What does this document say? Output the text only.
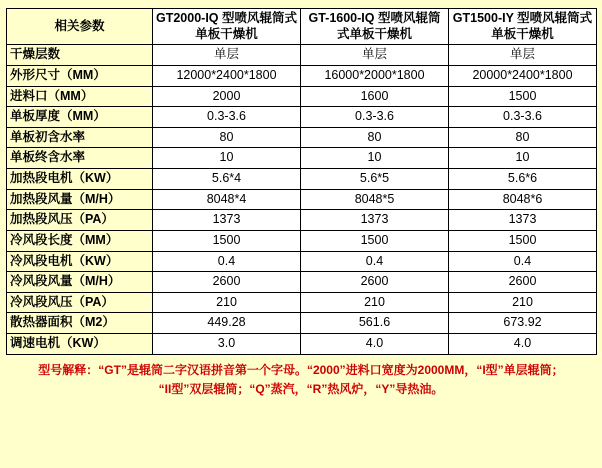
相关参数	GT2000-IQ 型喷风辊筒式单板干燥机	GT-1600-IQ 型喷风辊筒式单板干燥机	GT1500-IY 型喷风辊筒式单板干燥机
干燥层数	单层	单层	单层
外形尺寸（MM）	12000*2400*1800	16000*2000*1800	20000*2400*1800
进料口（MM）	2000	1600	1500
单板厚度（MM）	0.3-3.6	0.3-3.6	0.3-3.6
单板初含水率	80	80	80
单板终含水率	10	10	10
加热段电机（KW）	5.6*4	5.6*5	5.6*6
加热段风量（M/H）	8048*4	8048*5	8048*6
加热段风压（PA）	1373	1373	1373
冷风段长度（MM）	1500	1500	1500
冷风段电机（KW）	0.4	0.4	0.4
冷风段风量（M/H）	2600	2600	2600
冷风段风压（PA）	210	210	210
散热器面积（M2）	449.28	561.6	673.92
调速电机（KW）	3.0	4.0	4.0
型号解释：“GT”是辊筒二字汉语拼音第一个字母。“2000”进料口宽度为2000MM，“I型”单层辊筒；
“II型”双层辊筒；“Q”蒸汽，“R”热风炉，“Y”导热油。
